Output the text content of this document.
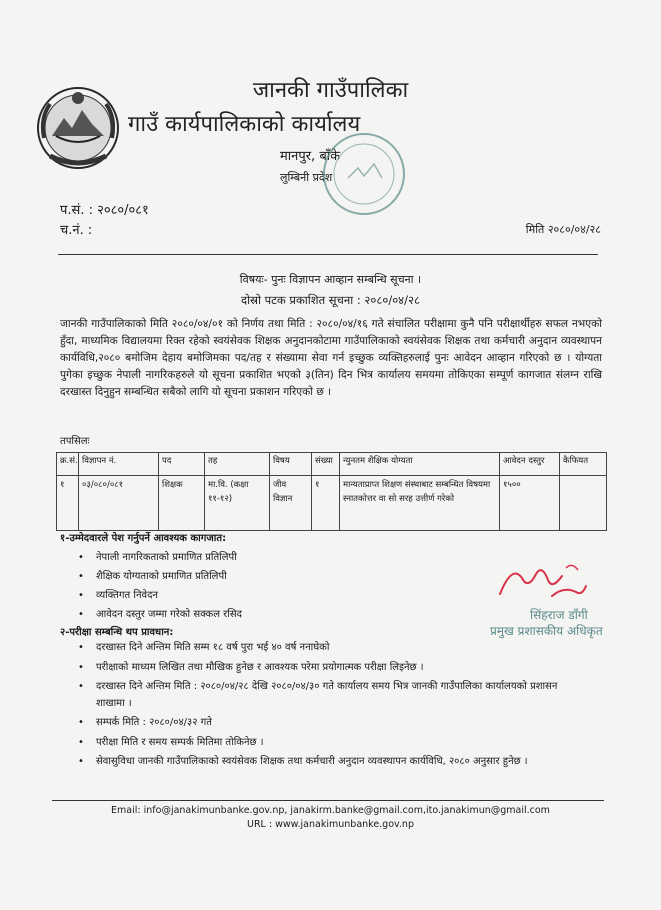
जानकी गाउँपालिका
गाउँ कार्यपालिकाको कार्यालय
मानपुर, बाँके
लुम्बिनी प्रदेश
प.सं. : २०८०/०८१
च.नं. :	मिति २०८०/०४/२८
विषयः- पुनः विज्ञापन आव्हान सम्बन्धि सूचना ।
दोस्रो पटक प्रकाशित सूचना : २०८०/०४/२८

जानकी गाउँपालिकाको मिति २०८०/०४/०१ को निर्णय तथा मिति : २०८०/०४/१६ गते संचालित परीक्षामा कुनै पनि परीक्षार्थीहरु सफल नभएको हुँदा, माध्यमिक विद्यालयमा रिक्त रहेको स्वयंसेवक शिक्षक अनुदानकोटामा गाउँपालिकाको स्वयंसेवक शिक्षक तथा कर्मचारी अनुदान व्यवस्थापन कार्यविधि,२०८० बमोजिम देहाय बमोजिमका पद/तह र संख्यामा सेवा गर्न इच्छुक व्यक्तिहरुलाई पुनः आवेदन आव्हान गरिएको छ । योग्यता पुगेका इच्छुक नेपाली नागरिकहरुले यो सूचना प्रकाशित भएको ३(तिन) दिन भित्र कार्यालय समयमा तोकिएका सम्पूर्ण कागजात संलग्न राखि दरखास्त दिनुहुन सम्बन्धित सबैको लागि यो सूचना प्रकाशन गरिएको छ ।

तपसिलः
क्र.सं.	विज्ञापन नं.	पद	तह	विषय	संख्या	न्युनतम शैक्षिक योग्यता	आवेदन दस्तुर	कैफियत
१	०३/०८०/०८१	शिक्षक	मा.वि. (कक्षा ११-१२)	जीव विज्ञान	१	मान्यताप्राप्त शिक्षण संस्थाबाट सम्बन्धित विषयमा स्नातकोत्तर वा सो सरह उत्तीर्ण गरेको	१५००	
१-उम्मेदवारले पेश गर्नुपर्ने आवश्यक कागजात:
• नेपाली नागरिकताको प्रमाणित प्रतिलिपी
• शैक्षिक योग्यताको प्रमाणित प्रतिलिपी
• व्यक्तिगत निवेदन
• आवेदन दस्तुर जम्मा गरेको सक्कल रसिद
२-परीक्षा सम्बन्धि थप प्रावधान:
• दरखास्त दिने अन्तिम मिति सम्म १८ वर्ष पुरा भई ४० वर्ष ननाघेको
• परीक्षाको माध्यम लिखित तथा मौखिक हुनेछ र आवश्यक परेमा प्रयोगात्मक परीक्षा लिइनेछ ।
• दरखास्त दिने अन्तिम मिति : २०८०/०४/२८ देखि २०८०/०४/३० गते कार्यालय समय भित्र जानकी गाउँपालिका कार्यालयको प्रशासन शाखामा ।
• सम्पर्क मिति : २०८०/०४/३२ गते
• परीक्षा मिति र समय सम्पर्क मितिमा तोकिनेछ ।
• सेवासुविधा जानकी गाउँपालिकाको स्वयंसेवक शिक्षक तथा कर्मचारी अनुदान व्यवस्थापन कार्यविधि, २०८० अनुसार हुनेछ ।
सिंहराज डाँगी
प्रमुख प्रशासकीय अधिकृत
Email: info@janakimunbanke.gov.np, janakirm.banke@gmail.com,ito.janakimun@gmail.com
URL : www.janakimunbanke.gov.np
